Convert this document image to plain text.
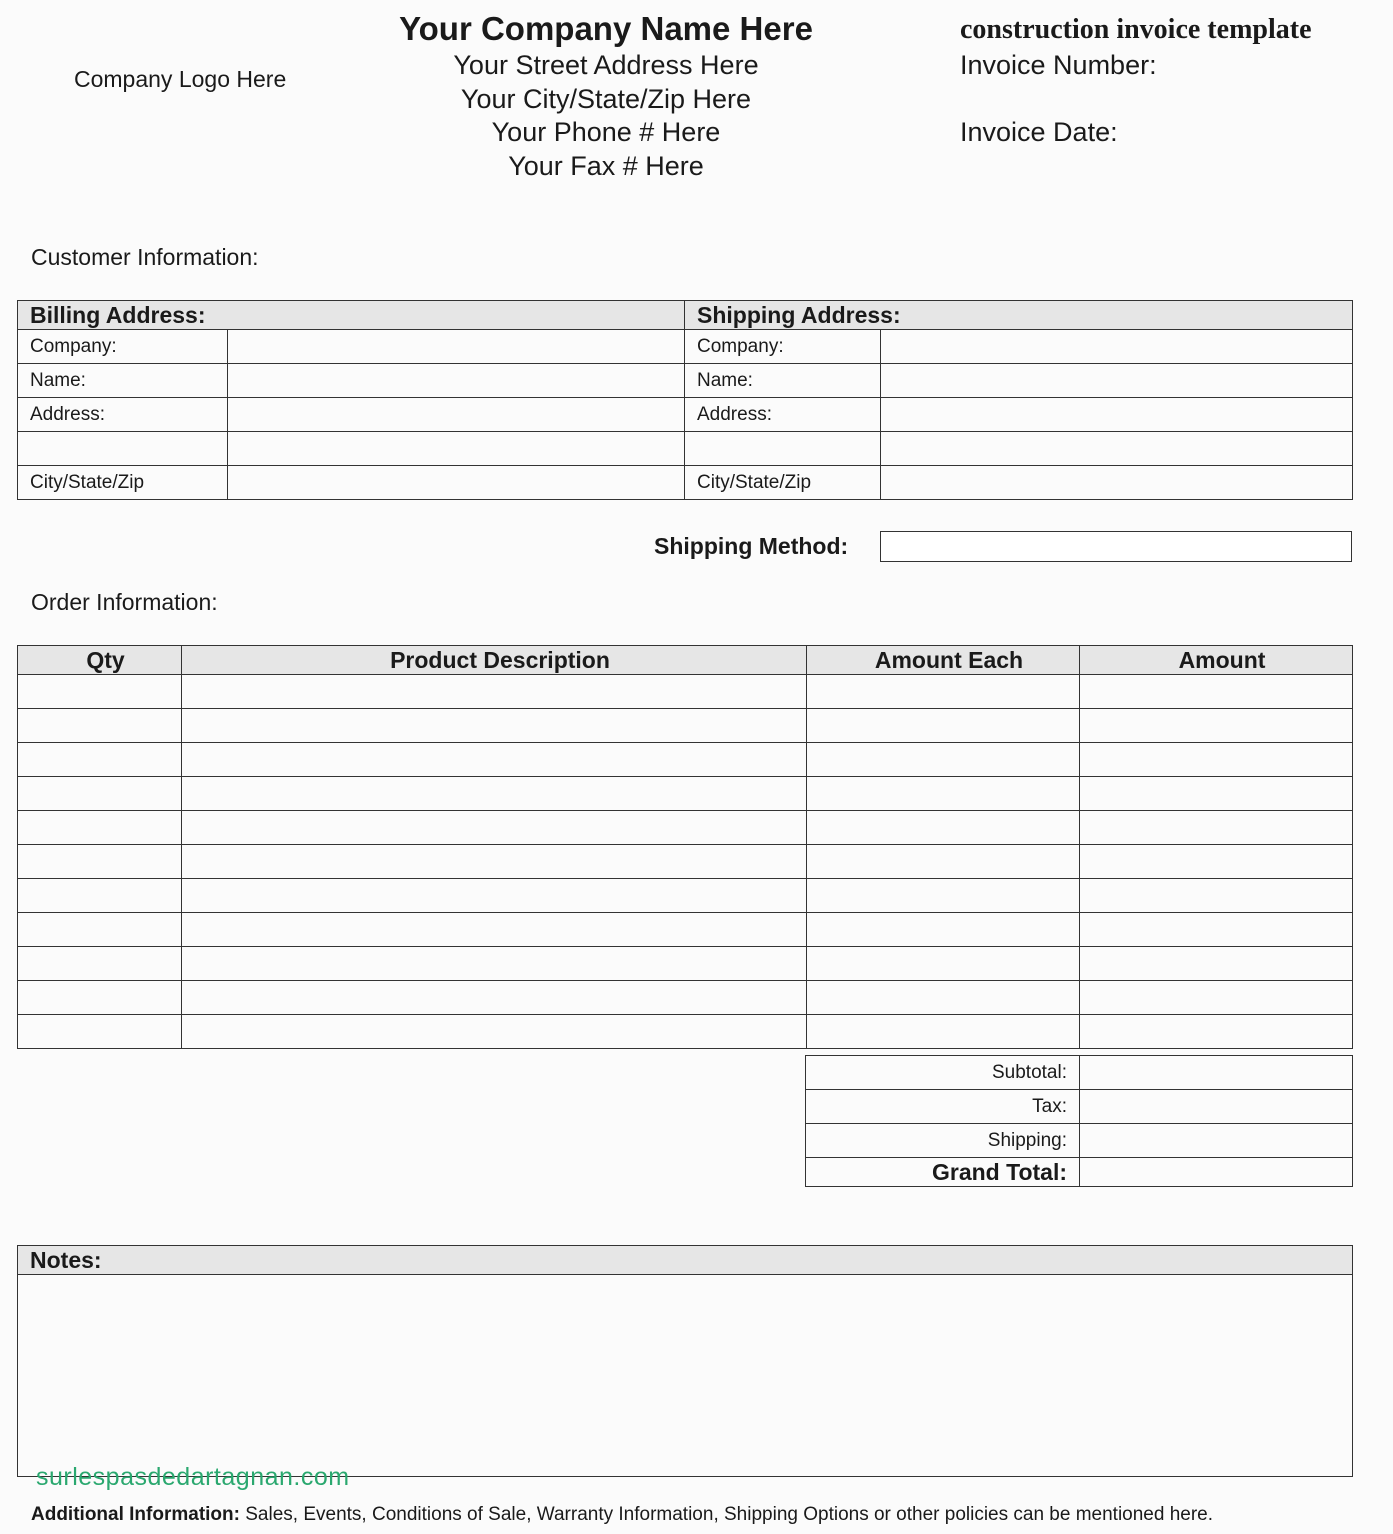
Company Logo Here
Your Company Name Here
Your Street Address Here
Your City/State/Zip Here
Your Phone # Here
Your Fax # Here
construction invoice template
Invoice Number:
Invoice Date:
Customer Information:
Billing Address:		Shipping Address:	
Company:		Company:	
Name:		Name:	
Address:		Address:	

City/State/Zip		City/State/Zip	
Shipping Method:
Order Information:
Qty	Product Description	Amount Each	Amount

Subtotal:	
Tax:	
Shipping:	
Grand Total:	
Notes:
surlespasdedartagnan.com
Additional Information: Sales, Events, Conditions of Sale, Warranty Information, Shipping Options or other policies can be mentioned here.
